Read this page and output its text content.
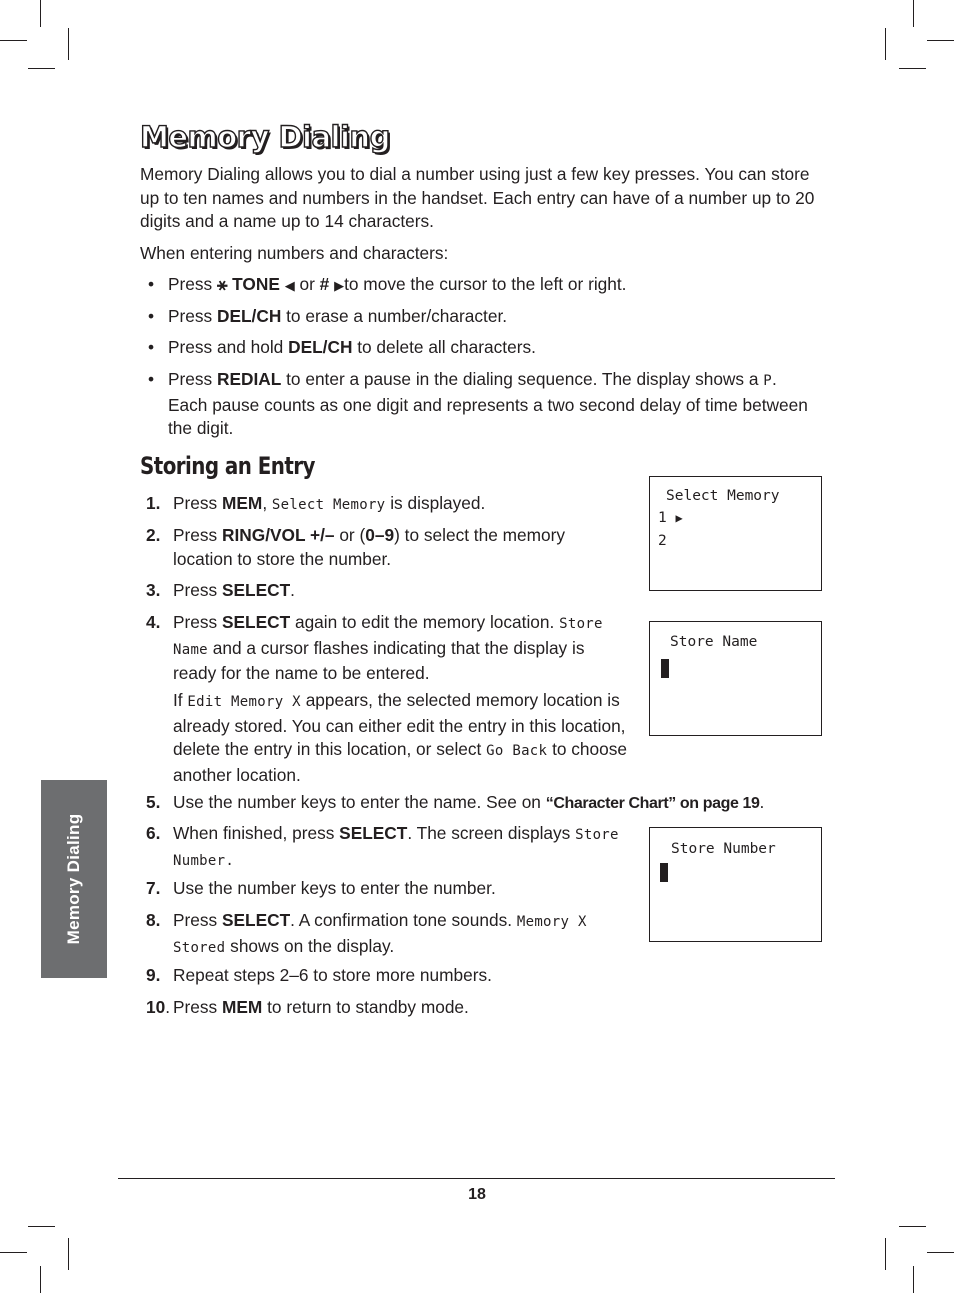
Memory Dialing

Memory Dialing allows you to dial a number using just a few key presses. You can store up to ten names and numbers in the handset. Each entry can have of a number up to 20 digits and a name up to 14 characters.

When entering numbers and characters:

• Press ⚹ TONE ◀ or # ▶to move the cursor to the left or right.
• Press DEL/CH to erase a number/character.
• Press and hold DEL/CH to delete all characters.
• Press REDIAL to enter a pause in the dialing sequence. The display shows a P. Each pause counts as one digit and represents a two second delay of time between the digit.
Storing an Entry
1. Press MEM, Select Memory is displayed.
2. Press RING/VOL +/– or (0–9) to select the memory location to store the number.
3. Press SELECT.
4. Press SELECT again to edit the memory location. Store Name and a cursor flashes indicating that the display is ready for the name to be entered.
If Edit Memory X appears, the selected memory location is already stored. You can either edit the entry in this location, delete the entry in this location, or select Go Back to choose another location.
5. Use the number keys to enter the name. See on “Character Chart” on page 19.
6. When finished, press SELECT. The screen displays Store Number.
7. Use the number keys to enter the number.
8. Press SELECT. A confirmation tone sounds. Memory X Stored shows on the display.
9. Repeat steps 2–6 to store more numbers.
10. Press MEM to return to standby mode.
Select Memory
1 ▶
2
Store Name
Store Number
Memory Dialing
18
